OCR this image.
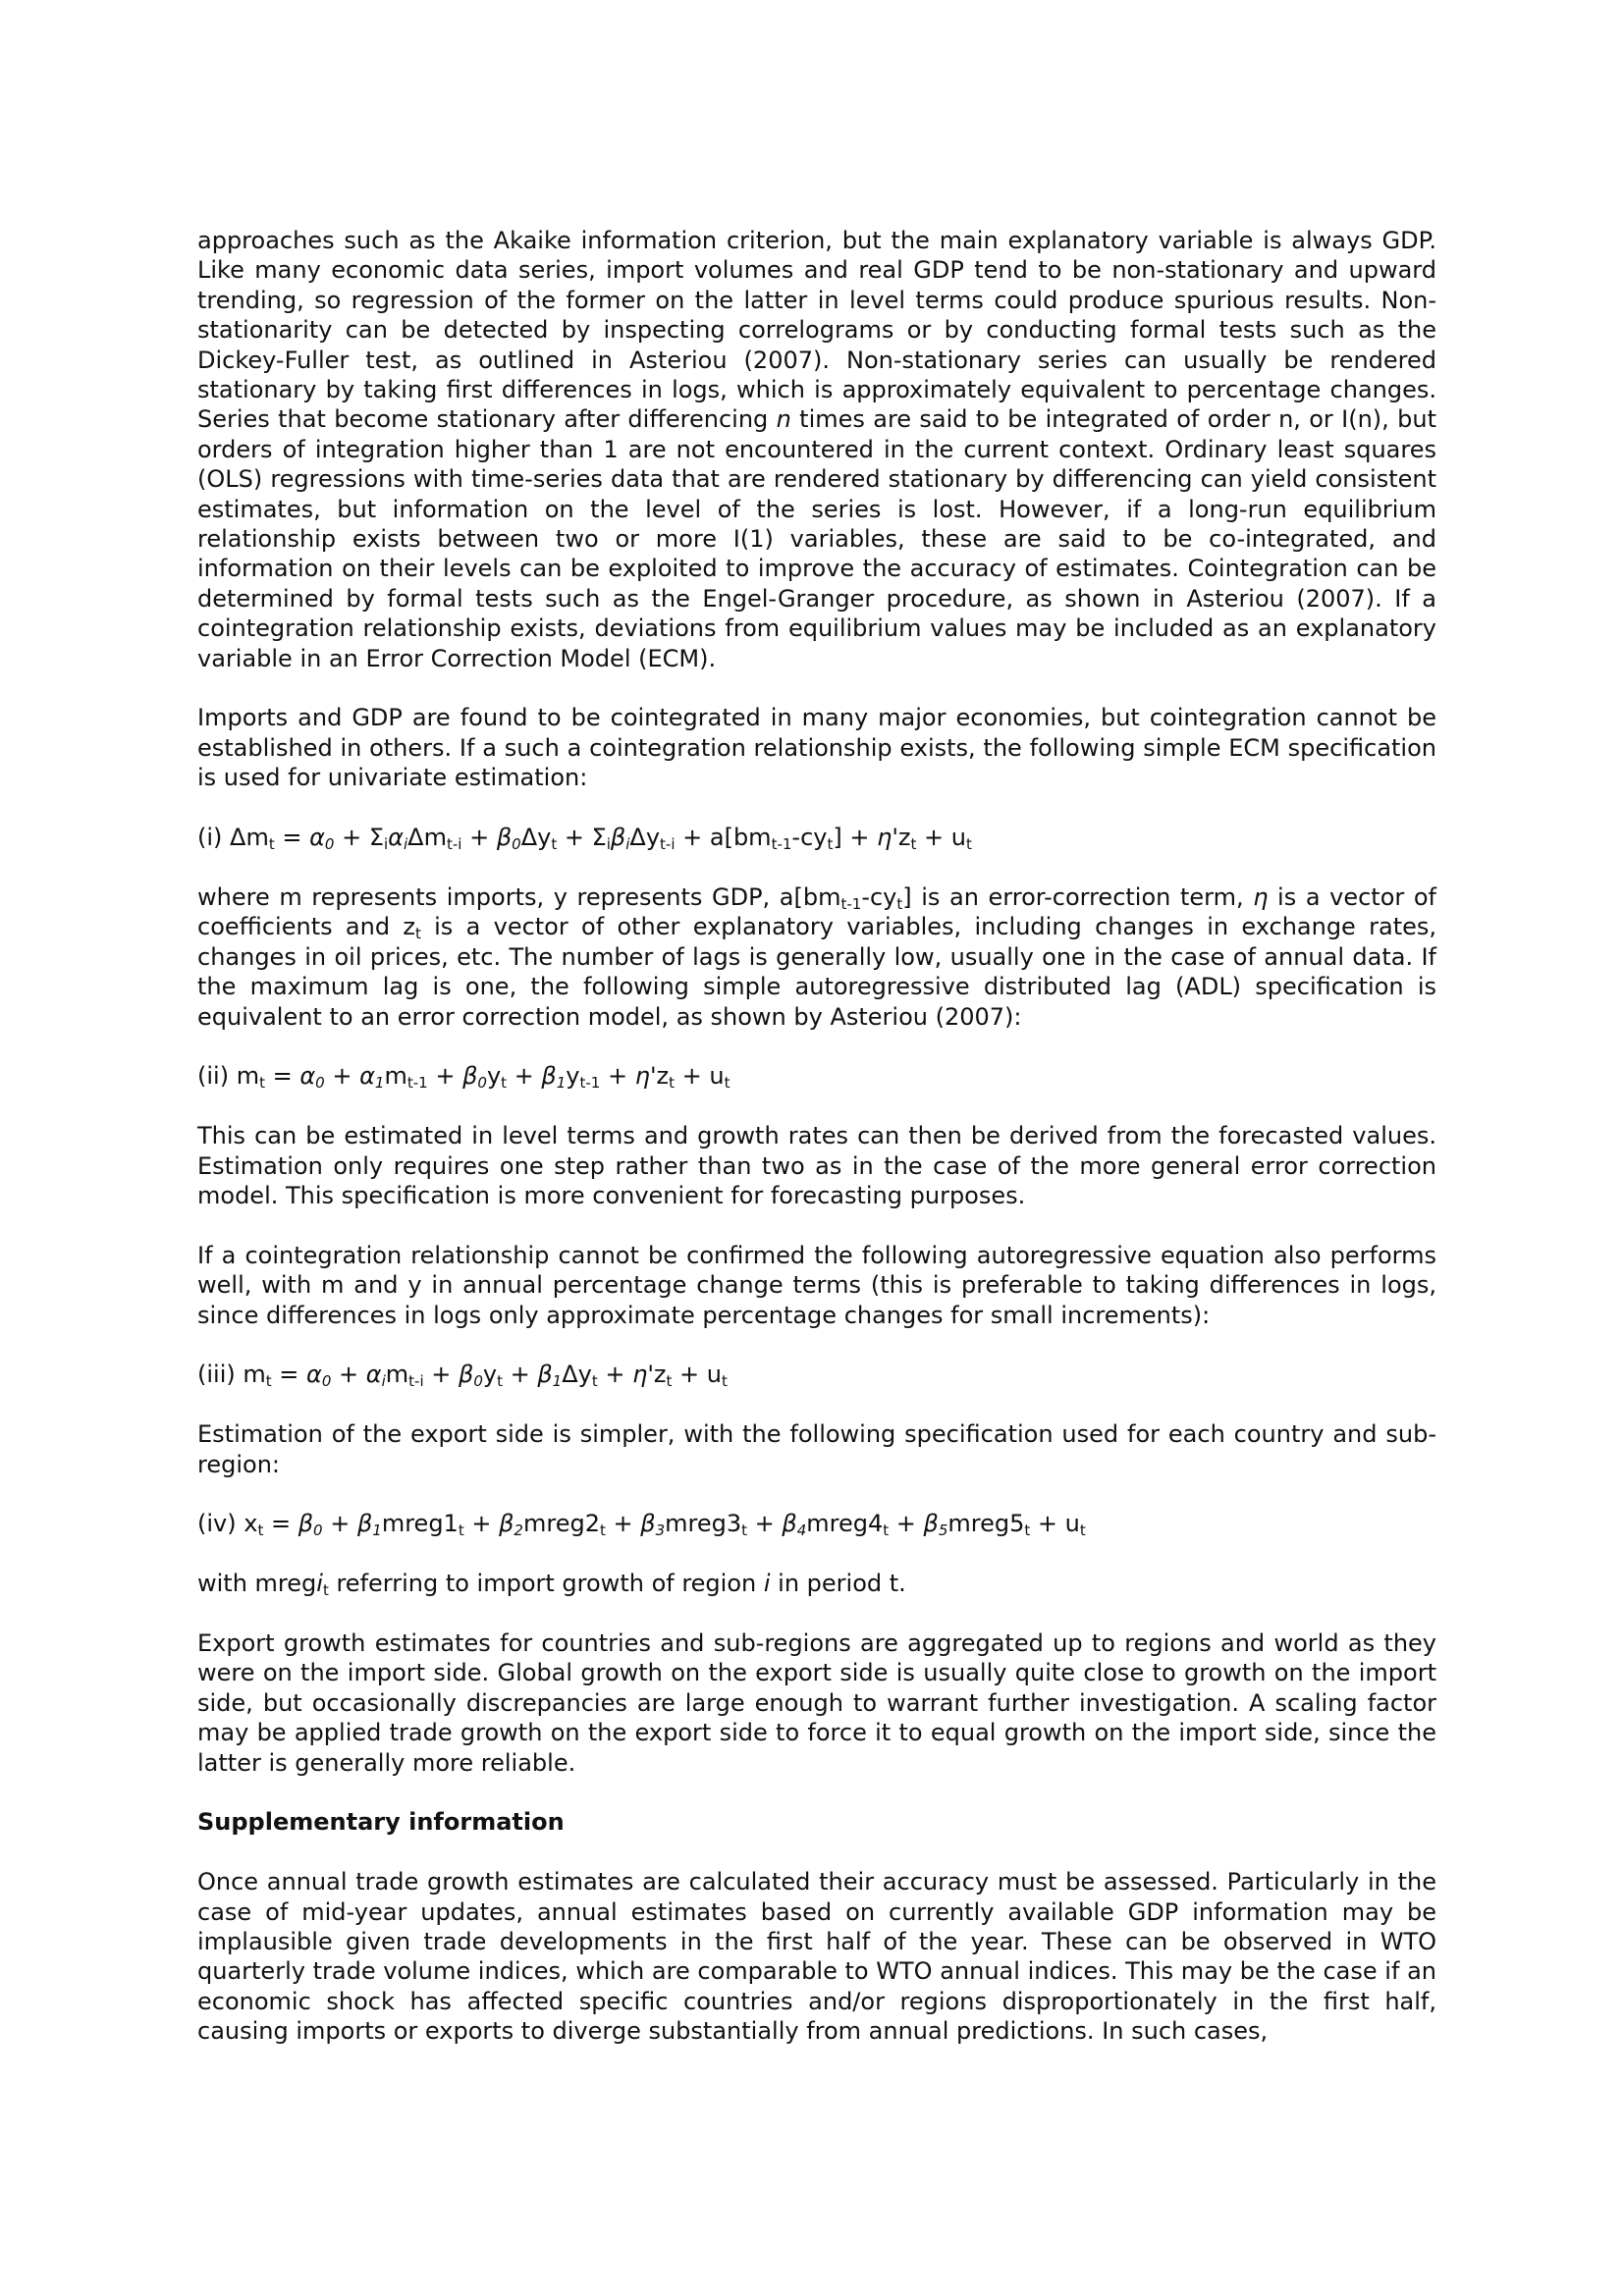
approaches such as the Akaike information criterion, but the main explanatory variable is always GDP. Like many economic data series, import volumes and real GDP tend to be non-stationary and upward trending, so regression of the former on the latter in level terms could produce spurious results. Non-stationarity can be detected by inspecting correlograms or by conducting formal tests such as the Dickey-Fuller test, as outlined in Asteriou (2007). Non-stationary series can usually be rendered stationary by taking first differences in logs, which is approximately equivalent to percentage changes. Series that become stationary after differencing n times are said to be integrated of order n, or I(n), but orders of integration higher than 1 are not encountered in the current context. Ordinary least squares (OLS) regressions with time-series data that are rendered stationary by differencing can yield consistent estimates, but information on the level of the series is lost. However, if a long-run equilibrium relationship exists between two or more I(1) variables, these are said to be co-integrated, and information on their levels can be exploited to improve the accuracy of estimates. Cointegration can be determined by formal tests such as the Engel-Granger procedure, as shown in Asteriou (2007). If a cointegration relationship exists, deviations from equilibrium values may be included as an explanatory variable in an Error Correction Model (ECM).

Imports and GDP are found to be cointegrated in many major economies, but cointegration cannot be established in others. If a such a cointegration relationship exists, the following simple ECM specification is used for univariate estimation:

(i) $\Delta m_t = \alpha_0 + \Sigma_i\alpha_i\Delta m_{t-i} + \beta_0\Delta y_t + \Sigma_i\beta_i\Delta y_{t-i} + a[bm_{t-1}-cy_t] + \eta'z_t + u_t$

where m represents imports, y represents GDP, $a[bm_{t-1}-cy_t]$ is an error-correction term, η is a vector of coefficients and $z_t$ is a vector of other explanatory variables, including changes in exchange rates, changes in oil prices, etc. The number of lags is generally low, usually one in the case of annual data. If the maximum lag is one, the following simple autoregressive distributed lag (ADL) specification is equivalent to an error correction model, as shown by Asteriou (2007):

(ii) $m_t = \alpha_0 + \alpha_1m_{t-1} + \beta_0y_t + \beta_1y_{t-1} + \eta'z_t + u_t$

This can be estimated in level terms and growth rates can then be derived from the forecasted values. Estimation only requires one step rather than two as in the case of the more general error correction model. This specification is more convenient for forecasting purposes.

If a cointegration relationship cannot be confirmed the following autoregressive equation also performs well, with m and y in annual percentage change terms (this is preferable to taking differences in logs, since differences in logs only approximate percentage changes for small increments):

(iii) $m_t = \alpha_0 + \alpha_im_{t-i} + \beta_0y_t + \beta_1\Delta y_t + \eta'z_t + u_t$

Estimation of the export side is simpler, with the following specification used for each country and sub-region:

(iv) $x_t = \beta_0$ + $\beta_1mreg1_t$ + $\beta_2mreg2_t$ + $\beta_3mreg3_t$ + $\beta_4mreg4_t$ + $\beta_5mreg5_t + u_t$

with mregi$_t$ referring to import growth of region i in period t.

Export growth estimates for countries and sub-regions are aggregated up to regions and world as they were on the import side. Global growth on the export side is usually quite close to growth on the import side, but occasionally discrepancies are large enough to warrant further investigation. A scaling factor may be applied trade growth on the export side to force it to equal growth on the import side, since the latter is generally more reliable.

Supplementary information

Once annual trade growth estimates are calculated their accuracy must be assessed. Particularly in the case of mid-year updates, annual estimates based on currently available GDP information may be implausible given trade developments in the first half of the year. These can be observed in WTO quarterly trade volume indices, which are comparable to WTO annual indices. This may be the case if an economic shock has affected specific countries and/or regions disproportionately in the first half, causing imports or exports to diverge substantially from annual predictions. In such cases,
